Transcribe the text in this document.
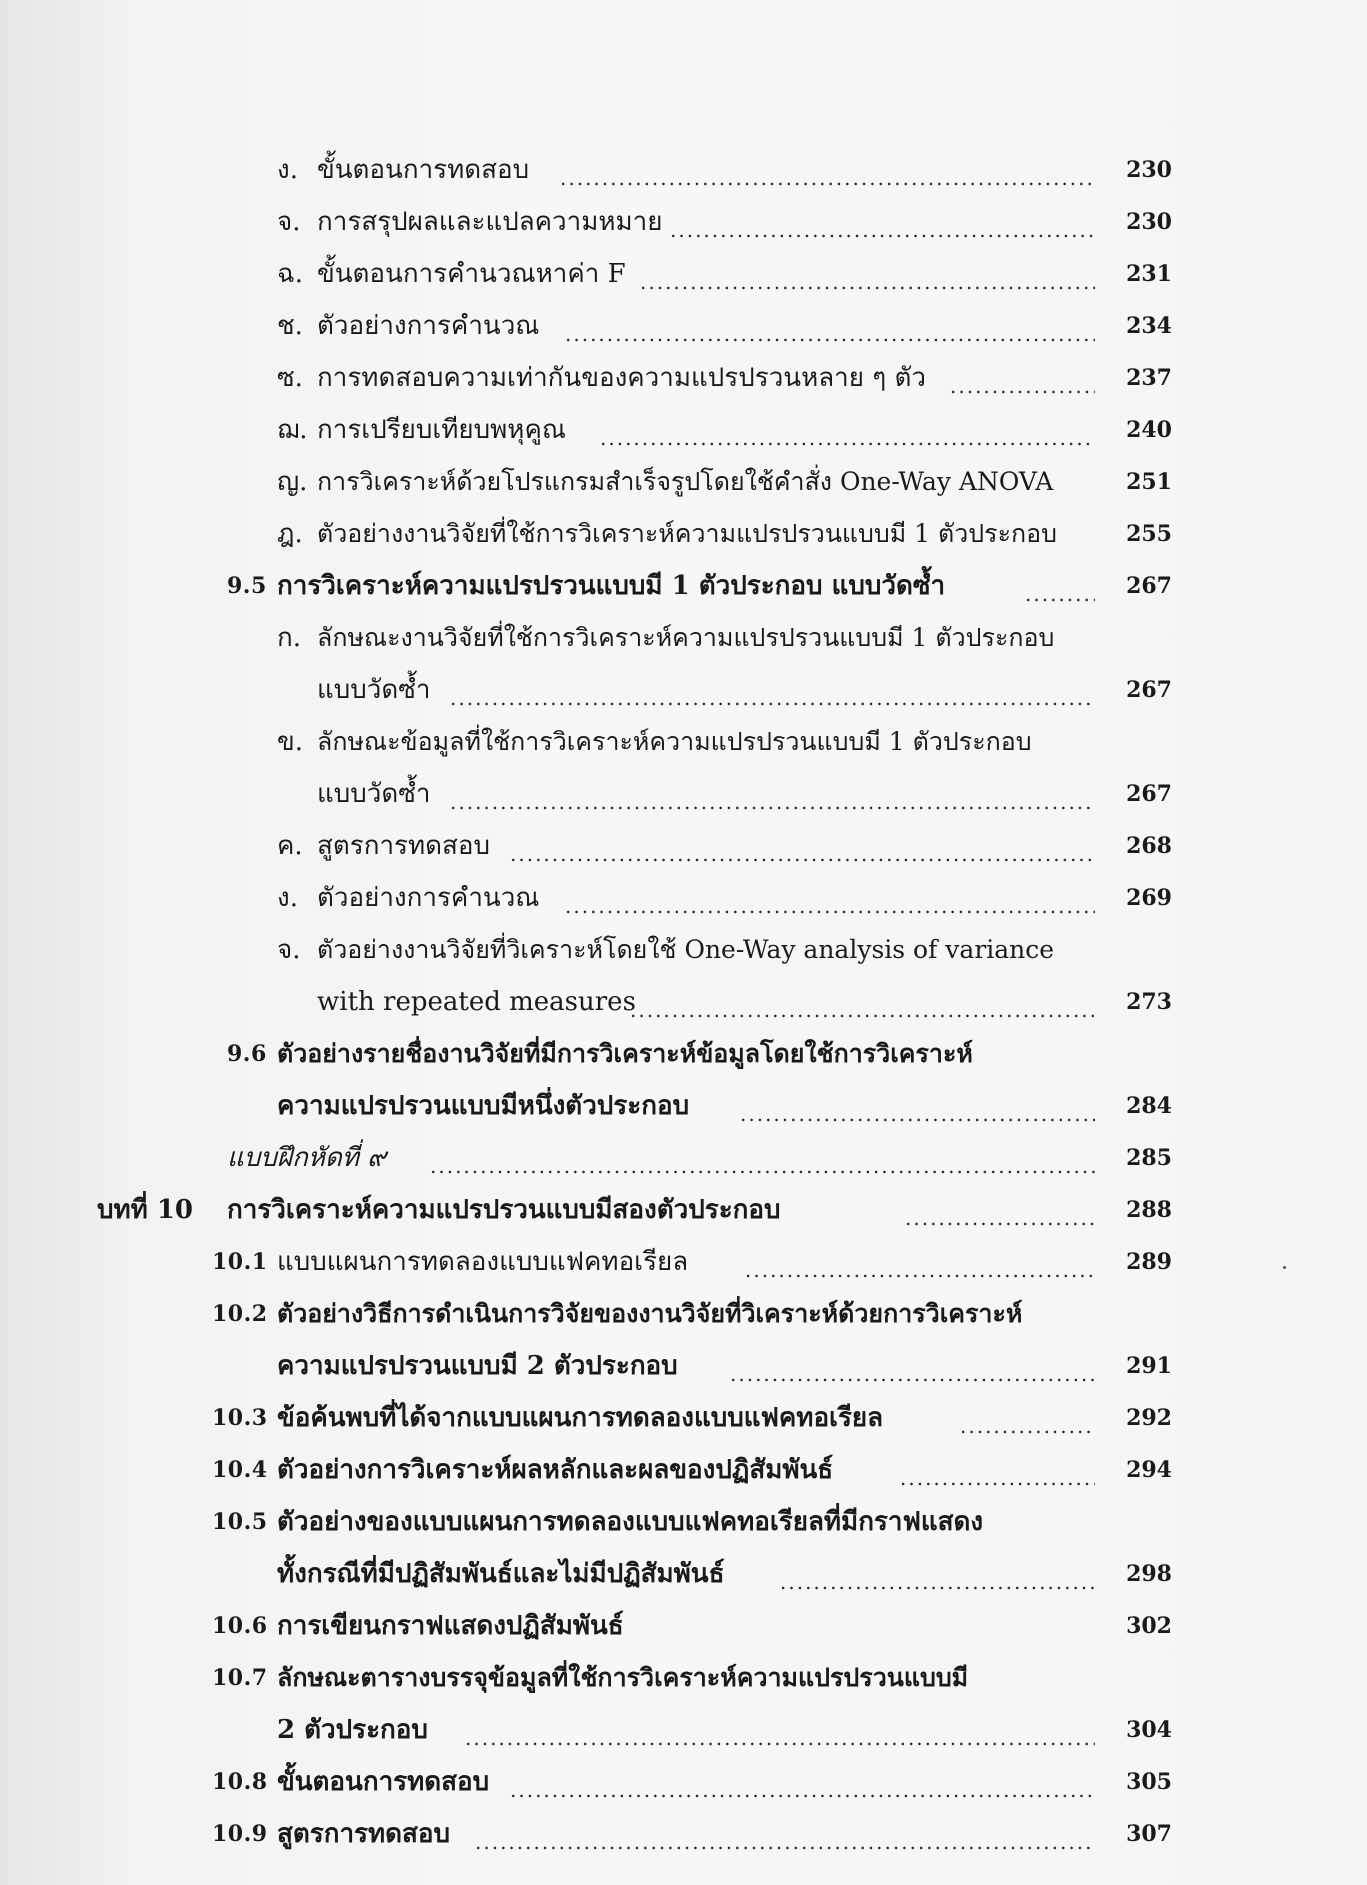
ง. ขั้นตอนการทดสอบ .....	230
จ. การสรุปผลและแปลความหมาย .....	230
ฉ. ขั้นตอนการคำนวณหาค่า F .....	231
ช. ตัวอย่างการคำนวณ .....	234
ซ. การทดสอบความเท่ากันของความแปรปรวนหลาย ๆ ตัว .....	237
ฌ. การเปรียบเทียบพหุคูณ .....	240
ญ. การวิเคราะห์ด้วยโปรแกรมสำเร็จรูปโดยใช้คำสั่ง One-Way ANOVA	251
ฎ. ตัวอย่างงานวิจัยที่ใช้การวิเคราะห์ความแปรปรวนแบบมี 1 ตัวประกอบ	255
9.5 การวิเคราะห์ความแปรปรวนแบบมี 1 ตัวประกอบ แบบวัดซ้ำ .....	267
ก. ลักษณะงานวิจัยที่ใช้การวิเคราะห์ความแปรปรวนแบบมี 1 ตัวประกอบ
แบบวัดซ้ำ .....	267
ข. ลักษณะข้อมูลที่ใช้การวิเคราะห์ความแปรปรวนแบบมี 1 ตัวประกอบ
แบบวัดซ้ำ .....	267
ค. สูตรการทดสอบ .....	268
ง. ตัวอย่างการคำนวณ .....	269
จ. ตัวอย่างงานวิจัยที่วิเคราะห์โดยใช้ One-Way analysis of variance
with repeated measures .....	273
9.6 ตัวอย่างรายชื่องานวิจัยที่มีการวิเคราะห์ข้อมูลโดยใช้การวิเคราะห์
ความแปรปรวนแบบมีหนึ่งตัวประกอบ .....	284
แบบฝึกหัดที่ ๙ .....	285
บทที่ 10 การวิเคราะห์ความแปรปรวนแบบมีสองตัวประกอบ .....	288
10.1 แบบแผนการทดลองแบบแฟคทอเรียล .....	289
10.2 ตัวอย่างวิธีการดำเนินการวิจัยของงานวิจัยที่วิเคราะห์ด้วยการวิเคราะห์
ความแปรปรวนแบบมี 2 ตัวประกอบ .....	291
10.3 ข้อค้นพบที่ได้จากแบบแผนการทดลองแบบแฟคทอเรียล .....	292
10.4 ตัวอย่างการวิเคราะห์ผลหลักและผลของปฏิสัมพันธ์ .....	294
10.5 ตัวอย่างของแบบแผนการทดลองแบบแฟคทอเรียลที่มีกราฟแสดง
ทั้งกรณีที่มีปฏิสัมพันธ์และไม่มีปฏิสัมพันธ์ .....	298
10.6 การเขียนกราฟแสดงปฏิสัมพันธ์	302
10.7 ลักษณะตารางบรรจุข้อมูลที่ใช้การวิเคราะห์ความแปรปรวนแบบมี
2 ตัวประกอบ .....	304
10.8 ขั้นตอนการทดสอบ .....	305
10.9 สูตรการทดสอบ .....	307
